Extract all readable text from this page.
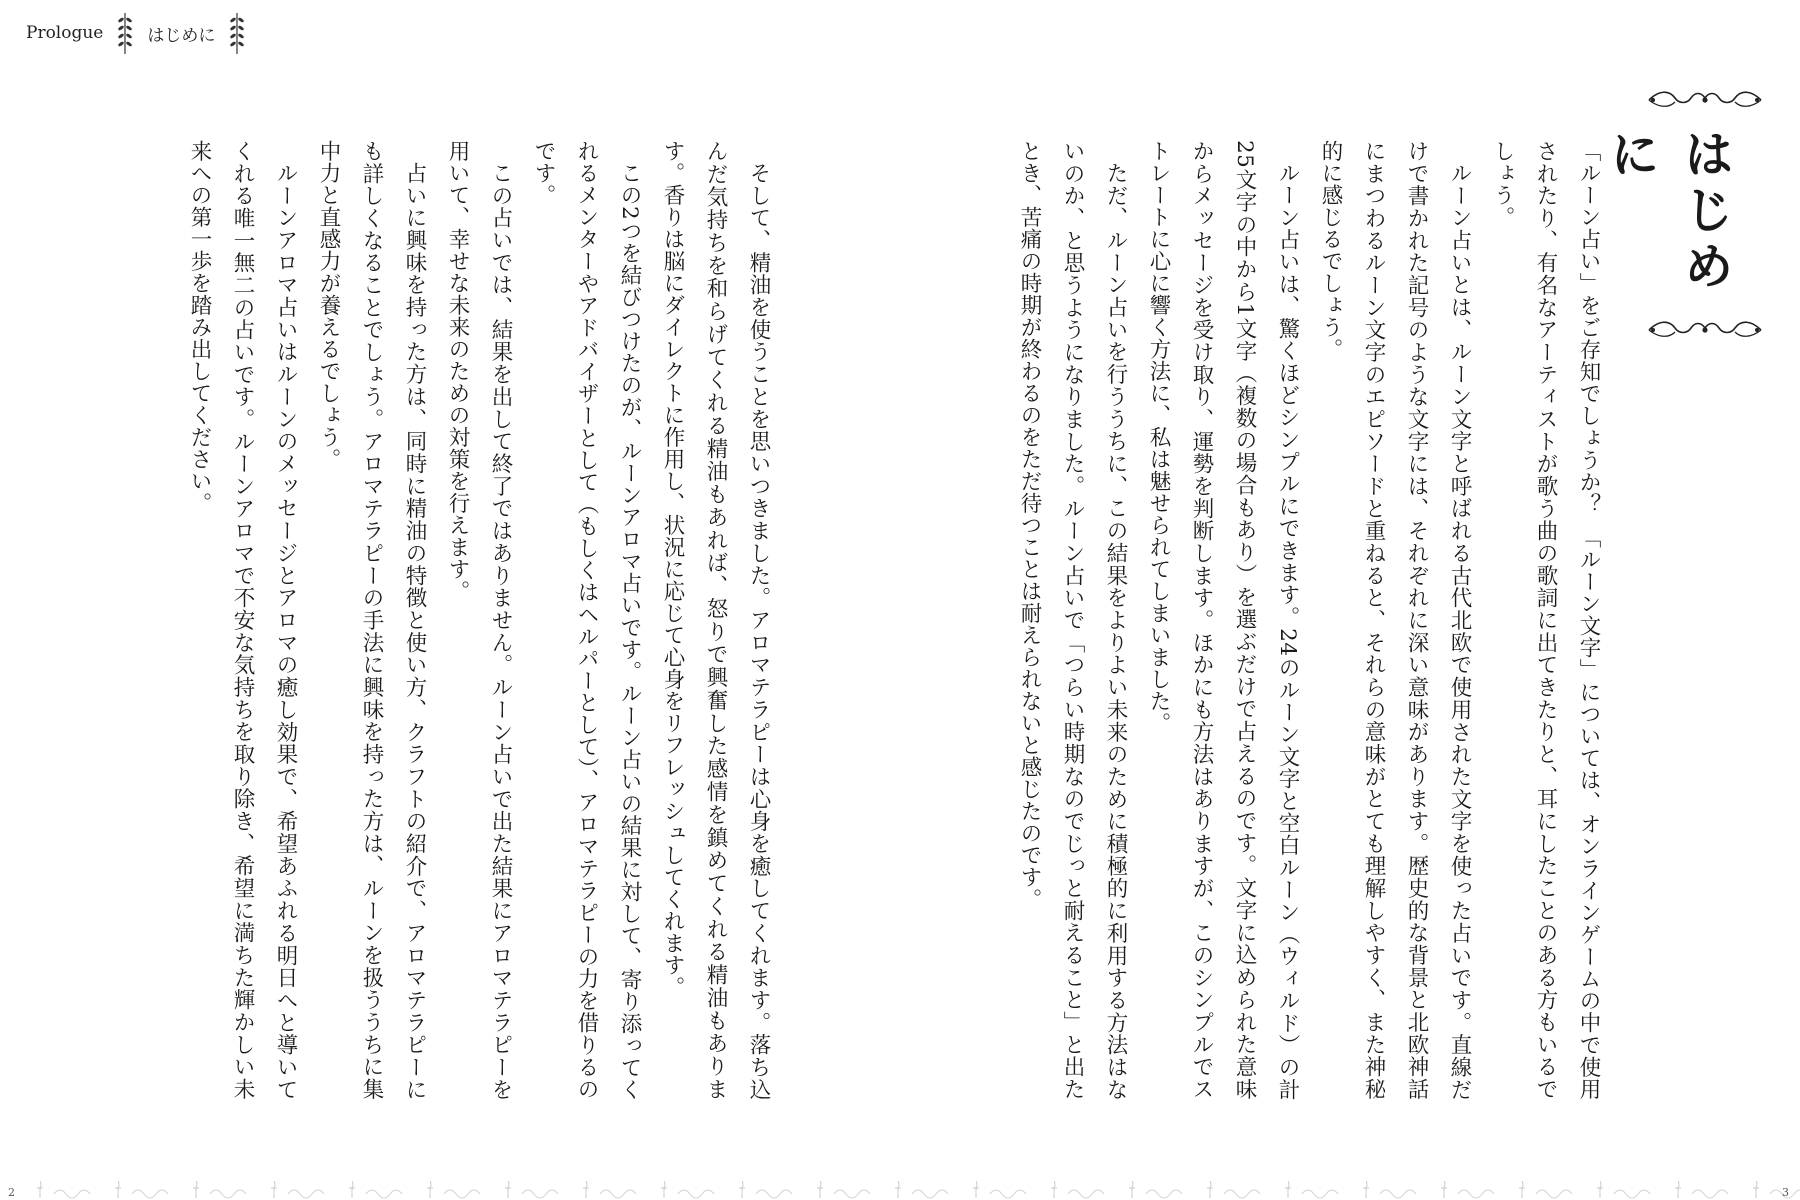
Prologue	はじめに
はじめに

「ルーン占い」をご存知でしょうか？　「ルーン文字」については、オンラインゲームの中で使用されたり、有名なアーティストが歌う曲の歌詞に出てきたりと、耳にしたことのある方もいるでしょう。

ルーン占いとは、ルーン文字と呼ばれる古代北欧で使用された文字を使った占いです。直線だけで書かれた記号のような文字には、それぞれに深い意味があります。歴史的な背景と北欧神話にまつわるルーン文字のエピソードと重ねると、それらの意味がとても理解しやすく、また神秘的に感じるでしょう。

ルーン占いは、驚くほどシンプルにできます。24のルーン文字と空白ルーン（ウィルド）の計25文字の中から1文字（複数の場合もあり）を選ぶだけで占えるのです。文字に込められた意味からメッセージを受け取り、運勢を判断します。ほかにも方法はありますが、このシンプルでストレートに心に響く方法に、私は魅せられてしまいました。

ただ、ルーン占いを行ううちに、この結果をよりよい未来のために積極的に利用する方法はないのか、と思うようになりました。ルーン占いで「つらい時期なのでじっと耐えること」と出たとき、苦痛の時期が終わるのをただ待つことは耐えられないと感じたのです。

そして、精油を使うことを思いつきました。アロマテラピーは心身を癒してくれます。落ち込んだ気持ちを和らげてくれる精油もあれば、怒りで興奮した感情を鎮めてくれる精油もあります。香りは脳にダイレクトに作用し、状況に応じて心身をリフレッシュしてくれます。

この2つを結びつけたのが、ルーンアロマ占いです。ルーン占いの結果に対して、寄り添ってくれるメンターやアドバイザーとして（もしくはヘルパーとして）、アロマテラピーの力を借りるのです。

この占いでは、結果を出して終了ではありません。ルーン占いで出た結果にアロマテラピーを用いて、幸せな未来のための対策を行えます。

占いに興味を持った方は、同時に精油の特徴と使い方、クラフトの紹介で、アロマテラピーにも詳しくなることでしょう。アロマテラピーの手法に興味を持った方は、ルーンを扱ううちに集中力と直感力が養えるでしょう。

ルーンアロマ占いはルーンのメッセージとアロマの癒し効果で、希望あふれる明日へと導いてくれる唯一無二の占いです。ルーンアロマで不安な気持ちを取り除き、希望に満ちた輝かしい未来への第一歩を踏み出してください。

2	3
